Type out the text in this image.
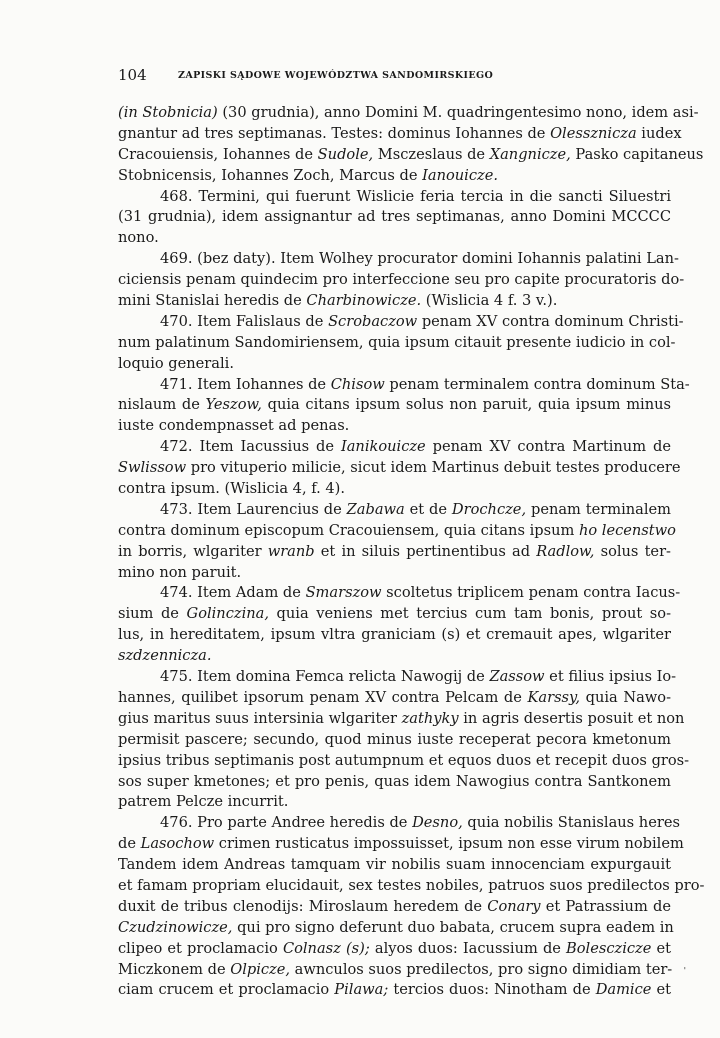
104	ZAPISKI SĄDOWE WOJEWÓDZTWA SANDOMIRSKIEGO
(in Stobnicia) (30 grudnia), anno Domini M. quadringentesimo nono, idem asi-
gnantur ad tres septimanas. Testes: dominus Iohannes de Olessznicza iudex
Cracouiensis, Iohannes de Sudole, Msczeslaus de Xangnicze, Pasko capitaneus
Stobnicensis, Iohannes Zoch, Marcus de Ianouicze.
468. Termini, qui fuerunt Wislicie feria tercia in die sancti Siluestri
(31 grudnia), idem assignantur ad tres septimanas, anno Domini MCCCC
nono.
469. (bez daty). Item Wolhey procurator domini Iohannis palatini Lan-
ciciensis penam quindecim pro interfeccione seu pro capite procuratoris do-
mini Stanislai heredis de Charbinowicze. (Wislicia 4 f. 3 v.).
470. Item Falislaus de Scrobaczow penam XV contra dominum Christi-
num palatinum Sandomiriensem, quia ipsum citauit presente iudicio in col-
loquio generali.
471. Item Iohannes de Chisow penam terminalem contra dominum Sta-
nislaum de Yeszow, quia citans ipsum solus non paruit, quia ipsum minus
iuste condempnasset ad penas.
472. Item Iacussius de Ianikouicze penam XV contra Martinum de
Swlissow pro vituperio milicie, sicut idem Martinus debuit testes producere
contra ipsum. (Wislicia 4, f. 4).
473. Item Laurencius de Zabawa et de Drochcze, penam terminalem
contra dominum episcopum Cracouiensem, quia citans ipsum ho lecenstwo
in borris, wlgariter wranb et in siluis pertinentibus ad Radlow, solus ter-
mino non paruit.
474. Item Adam de Smarszow scoltetus triplicem penam contra Iacus-
sium de Golinczina, quia veniens met tercius cum tam bonis, prout so-
lus, in hereditatem, ipsum vltra graniciam (s) et cremauit apes, wlgariter
szdzennicza.
475. Item domina Femca relicta Nawogij de Zassow et filius ipsius Io-
hannes, quilibet ipsorum penam XV contra Pelcam de Karssy, quia Nawo-
gius maritus suus intersinia wlgariter zathyky in agris desertis posuit et non
permisit pascere; secundo, quod minus iuste receperat pecora kmetonum
ipsius tribus septimanis post autumpnum et equos duos et recepit duos gros-
sos super kmetones; et pro penis, quas idem Nawogius contra Santkonem
patrem Pelcze incurrit.
476. Pro parte Andree heredis de Desno, quia nobilis Stanislaus heres
de Lasochow crimen rusticatus impossuisset, ipsum non esse virum nobilem
Tandem idem Andreas tamquam vir nobilis suam innocenciam expurgauit
et famam propriam elucidauit, sex testes nobiles, patruos suos predilectos pro-
duxit de tribus clenodijs: Miroslaum heredem de Conary et Patrassium de
Czudzinowicze, qui pro signo deferunt duo babata, crucem supra eadem in
clipeo et proclamacio Colnasz (s); alyos duos: Iacussium de Bolesczicze et
Miczkonem de Olpicze, awnculos suos predilectos, pro signo dimidiam ter-
ciam crucem et proclamacio Pilawa; tercios duos: Ninotham de Damice et
'
